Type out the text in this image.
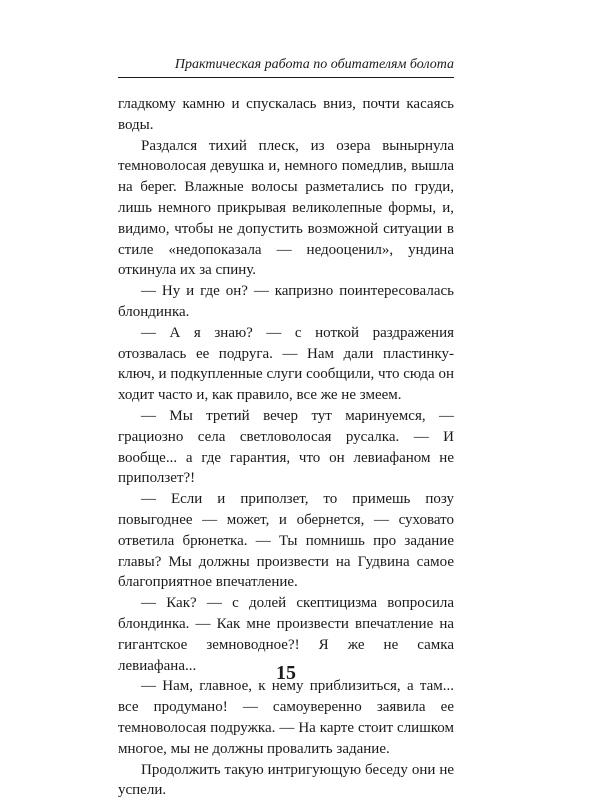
Практическая работа по обитателям болота

гладкому камню и спускалась вниз, почти касаясь воды.

Раздался тихий плеск, из озера вынырнула темноволосая девушка и, немного помедлив, вышла на берег. Влажные волосы разметались по груди, лишь немного прикрывая великолепные формы, и, видимо, чтобы не допустить возможной ситуации в стиле «недопоказала — недооценил», ундина откинула их за спину.

— Ну и где он? — капризно поинтересовалась блондинка.

— А я знаю? — с ноткой раздражения отозвалась ее подруга. — Нам дали пластинку-ключ, и подкупленные слуги сообщили, что сюда он ходит часто и, как правило, все же не змеем.

— Мы третий вечер тут маринуемся, — грациозно села светловолосая русалка. — И вообще... а где гарантия, что он левиафаном не приползет?!

— Если и приползет, то примешь позу повыгоднее — может, и обернется, — суховато ответила брюнетка. — Ты помнишь про задание главы? Мы должны произвести на Гудвина самое благоприятное впечатление.

— Как? — с долей скептицизма вопросила блондинка. — Как мне произвести впечатление на гигантское земноводное?! Я же не самка левиафана...

— Нам, главное, к нему приблизиться, а там... все продумано! — самоуверенно заявила ее темноволосая подружка. — На карте стоит слишком многое, мы не должны провалить задание.

Продолжить такую интригующую беседу они не успели.

15
